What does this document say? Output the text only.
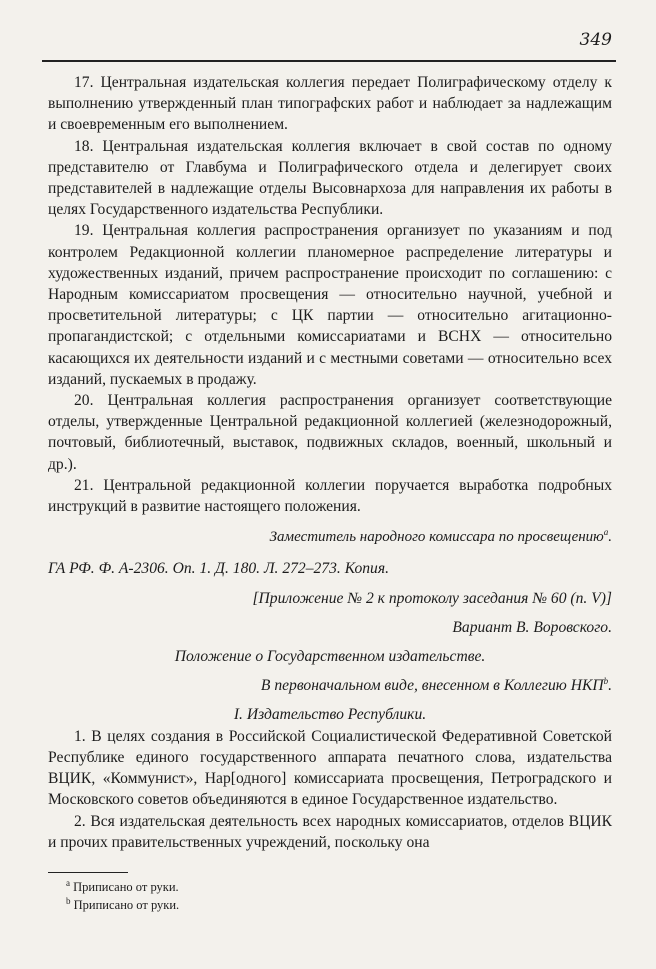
349

17. Центральная издательская коллегия передает Полиграфическому отделу к выполнению утвержденный план типографских работ и наблюдает за надлежащим и своевременным его выполнением.

18. Центральная издательская коллегия включает в свой состав по одному представителю от Главбума и Полиграфического отдела и делегирует своих представителей в надлежащие отделы Высовнархоза для направления их работы в целях Государственного издательства Республики.

19. Центральная коллегия распространения организует по указаниям и под контролем Редакционной коллегии планомерное распределение литературы и художественных изданий, причем распространение происходит по соглашению: с Народным комиссариатом просвещения — относительно научной, учебной и просветительной литературы; с ЦК партии — относительно агитационно-пропагандистской; с отдельными комиссариатами и ВСНХ — относительно касающихся их деятельности изданий и с местными советами — относительно всех изданий, пускаемых в продажу.

20. Центральная коллегия распространения организует соответствующие отделы, утвержденные Центральной редакционной коллегией (железнодорожный, почтовый, библиотечный, выставок, подвижных складов, военный, школьный и др.).

21. Центральной редакционной коллегии поручается выработка подробных инструкций в развитие настоящего положения.

Заместитель народного комиссара по просвещению$^a$.

ГА РФ. Ф. А-2306. Оп. 1. Д. 180. Л. 272–273. Копия.

[Приложение № 2 к протоколу заседания № 60 (п. V)]

Вариант В. Воровского.

Положение о Государственном издательстве.

В первоначальном виде, внесенном в Коллегию НКП$^b$.

I. Издательство Республики.

1. В целях создания в Российской Социалистической Федеративной Советской Республике единого государственного аппарата печатного слова, издательства ВЦИК, «Коммунист», Нар[одного] комиссариата просвещения, Петроградского и Московского советов объединяются в единое Государственное издательство.

2. Вся издательская деятельность всех народных комиссариатов, отделов ВЦИК и прочих правительственных учреждений, поскольку она

$^a$ Приписано от руки.
$^b$ Приписано от руки.
